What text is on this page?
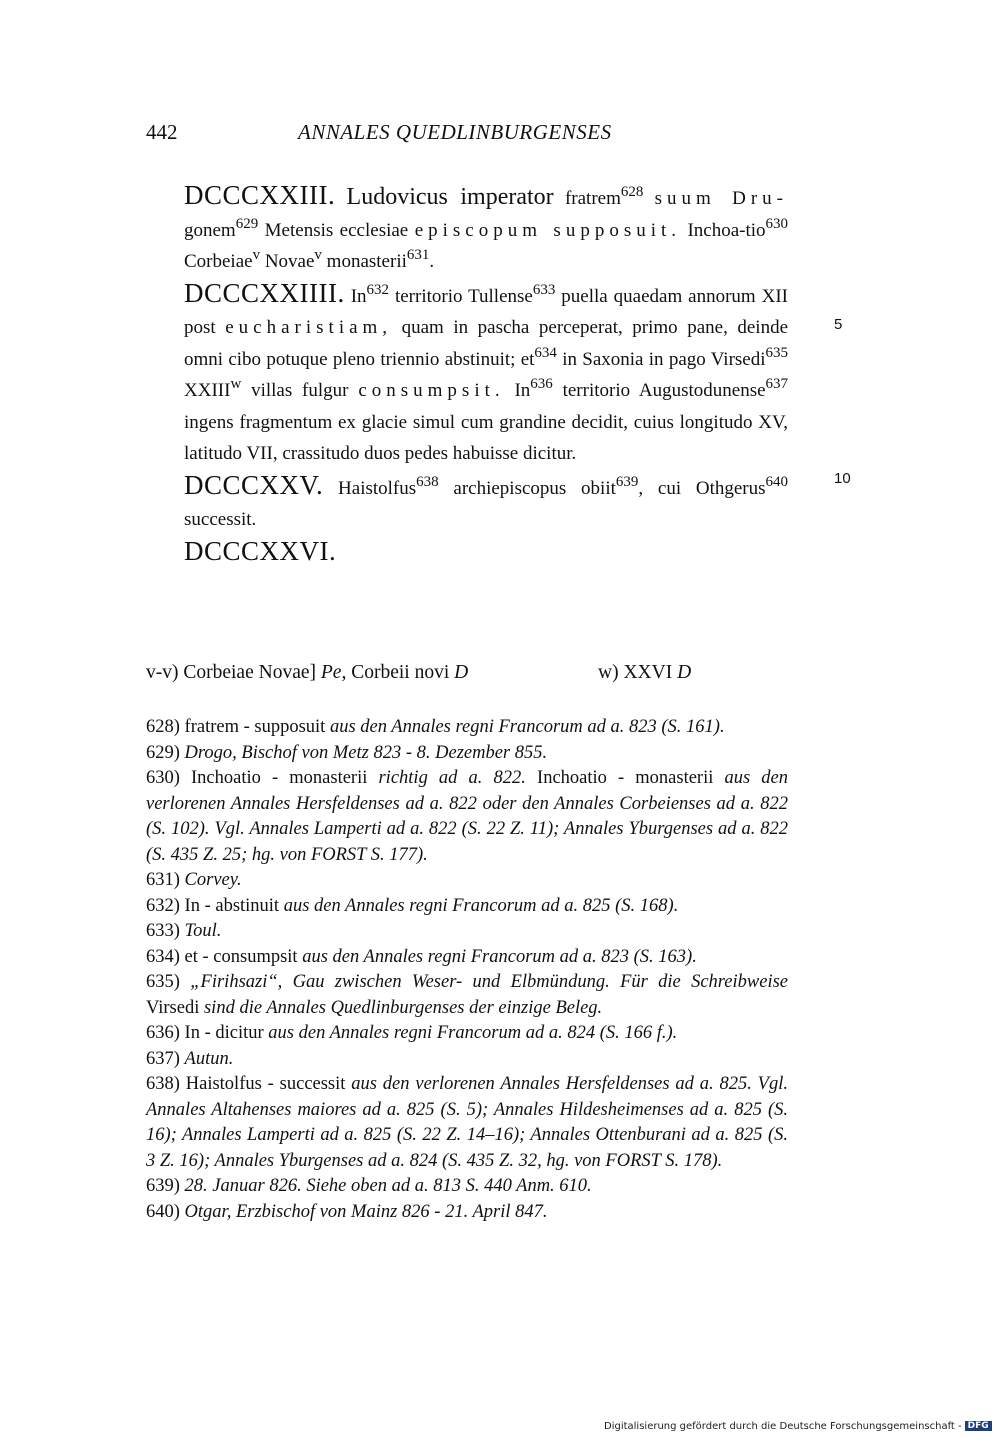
442	ANNALES QUEDLINBURGENSES

DCCCXXIII. Ludovicus imperator fratrem$^{628}$ suum Dru- gonem$^{629}$ Metensis ecclesiae episcopum supposuit. Inchoa-tio$^{630}$ Corbeiae$^v$ Novae$^v$ monasterii$^{631}$.

DCCCXXIIII. In$^{632}$ territorio Tullense$^{633}$ puella quaedam annorum XII post eucharistiam, quam in pascha perceperat, primo pane, deinde omni cibo potuque pleno triennio abstinuit; $et^{634}$ in Saxonia in pago Virsedi$^{635}$ XXIII$^w$ villas fulgur consumpsit. In$^{636}$ territorio Augustodunense$^{637}$ ingens fragmentum ex glacie simul cum grandine decidit, cuius longitudo XV, latitudo VII, crassitudo duos pedes habuisse dicitur.

DCCCXXV. Haistolfus$^{638}$ archiepiscopus obiit$^{639}$, cui Othgerus$^{640}$ successit.

DCCCXXVI.

5
10
v-v) Corbeiae Novae] Pe, Corbeii novi D	w) XXVI D

628) fratrem - supposuit aus den Annales regni Francorum ad a. 823 (S. 161).

629) Drogo, Bischof von Metz 823 - 8. Dezember 855.

630) Inchoatio - monasterii richtig ad a. 822. Inchoatio - monasterii aus den verlorenen Annales Hersfeldenses ad a. 822 oder den Annales Corbeienses ad a. 822 (S. 102). Vgl. Annales Lamperti ad a. 822 (S. 22 Z. 11); Annales Yburgenses ad a. 822 (S. 435 Z. 25; hg. von FORST S. 177).

631) Corvey.

632) In - abstinuit aus den Annales regni Francorum ad a. 825 (S. 168).

633) Toul.

634) et - consumpsit aus den Annales regni Francorum ad a. 823 (S. 163).

635) „Firihsazi“, Gau zwischen Weser- und Elbmündung. Für die Schreibweise Virsedi sind die Annales Quedlinburgenses der einzige Beleg.

636) In - dicitur aus den Annales regni Francorum ad a. 824 (S. 166 f.).

637) Autun.

638) Haistolfus - successit aus den verlorenen Annales Hersfeldenses ad a. 825. Vgl. Annales Altahenses maiores ad a. 825 (S. 5); Annales Hildesheimenses ad a. 825 (S. 16); Annales Lamperti ad a. 825 (S. 22 Z. 14–16); Annales Ottenburani ad a. 825 (S. 3 Z. 16); Annales Yburgenses ad a. 824 (S. 435 Z. 32, hg. von FORST S. 178).

639) 28. Januar 826. Siehe oben ad a. 813 S. 440 Anm. 610.

640) Otgar, Erzbischof von Mainz 826 - 21. April 847.

Digitalisierung gefördert durch die Deutsche Forschungsgemeinschaft - DFG
